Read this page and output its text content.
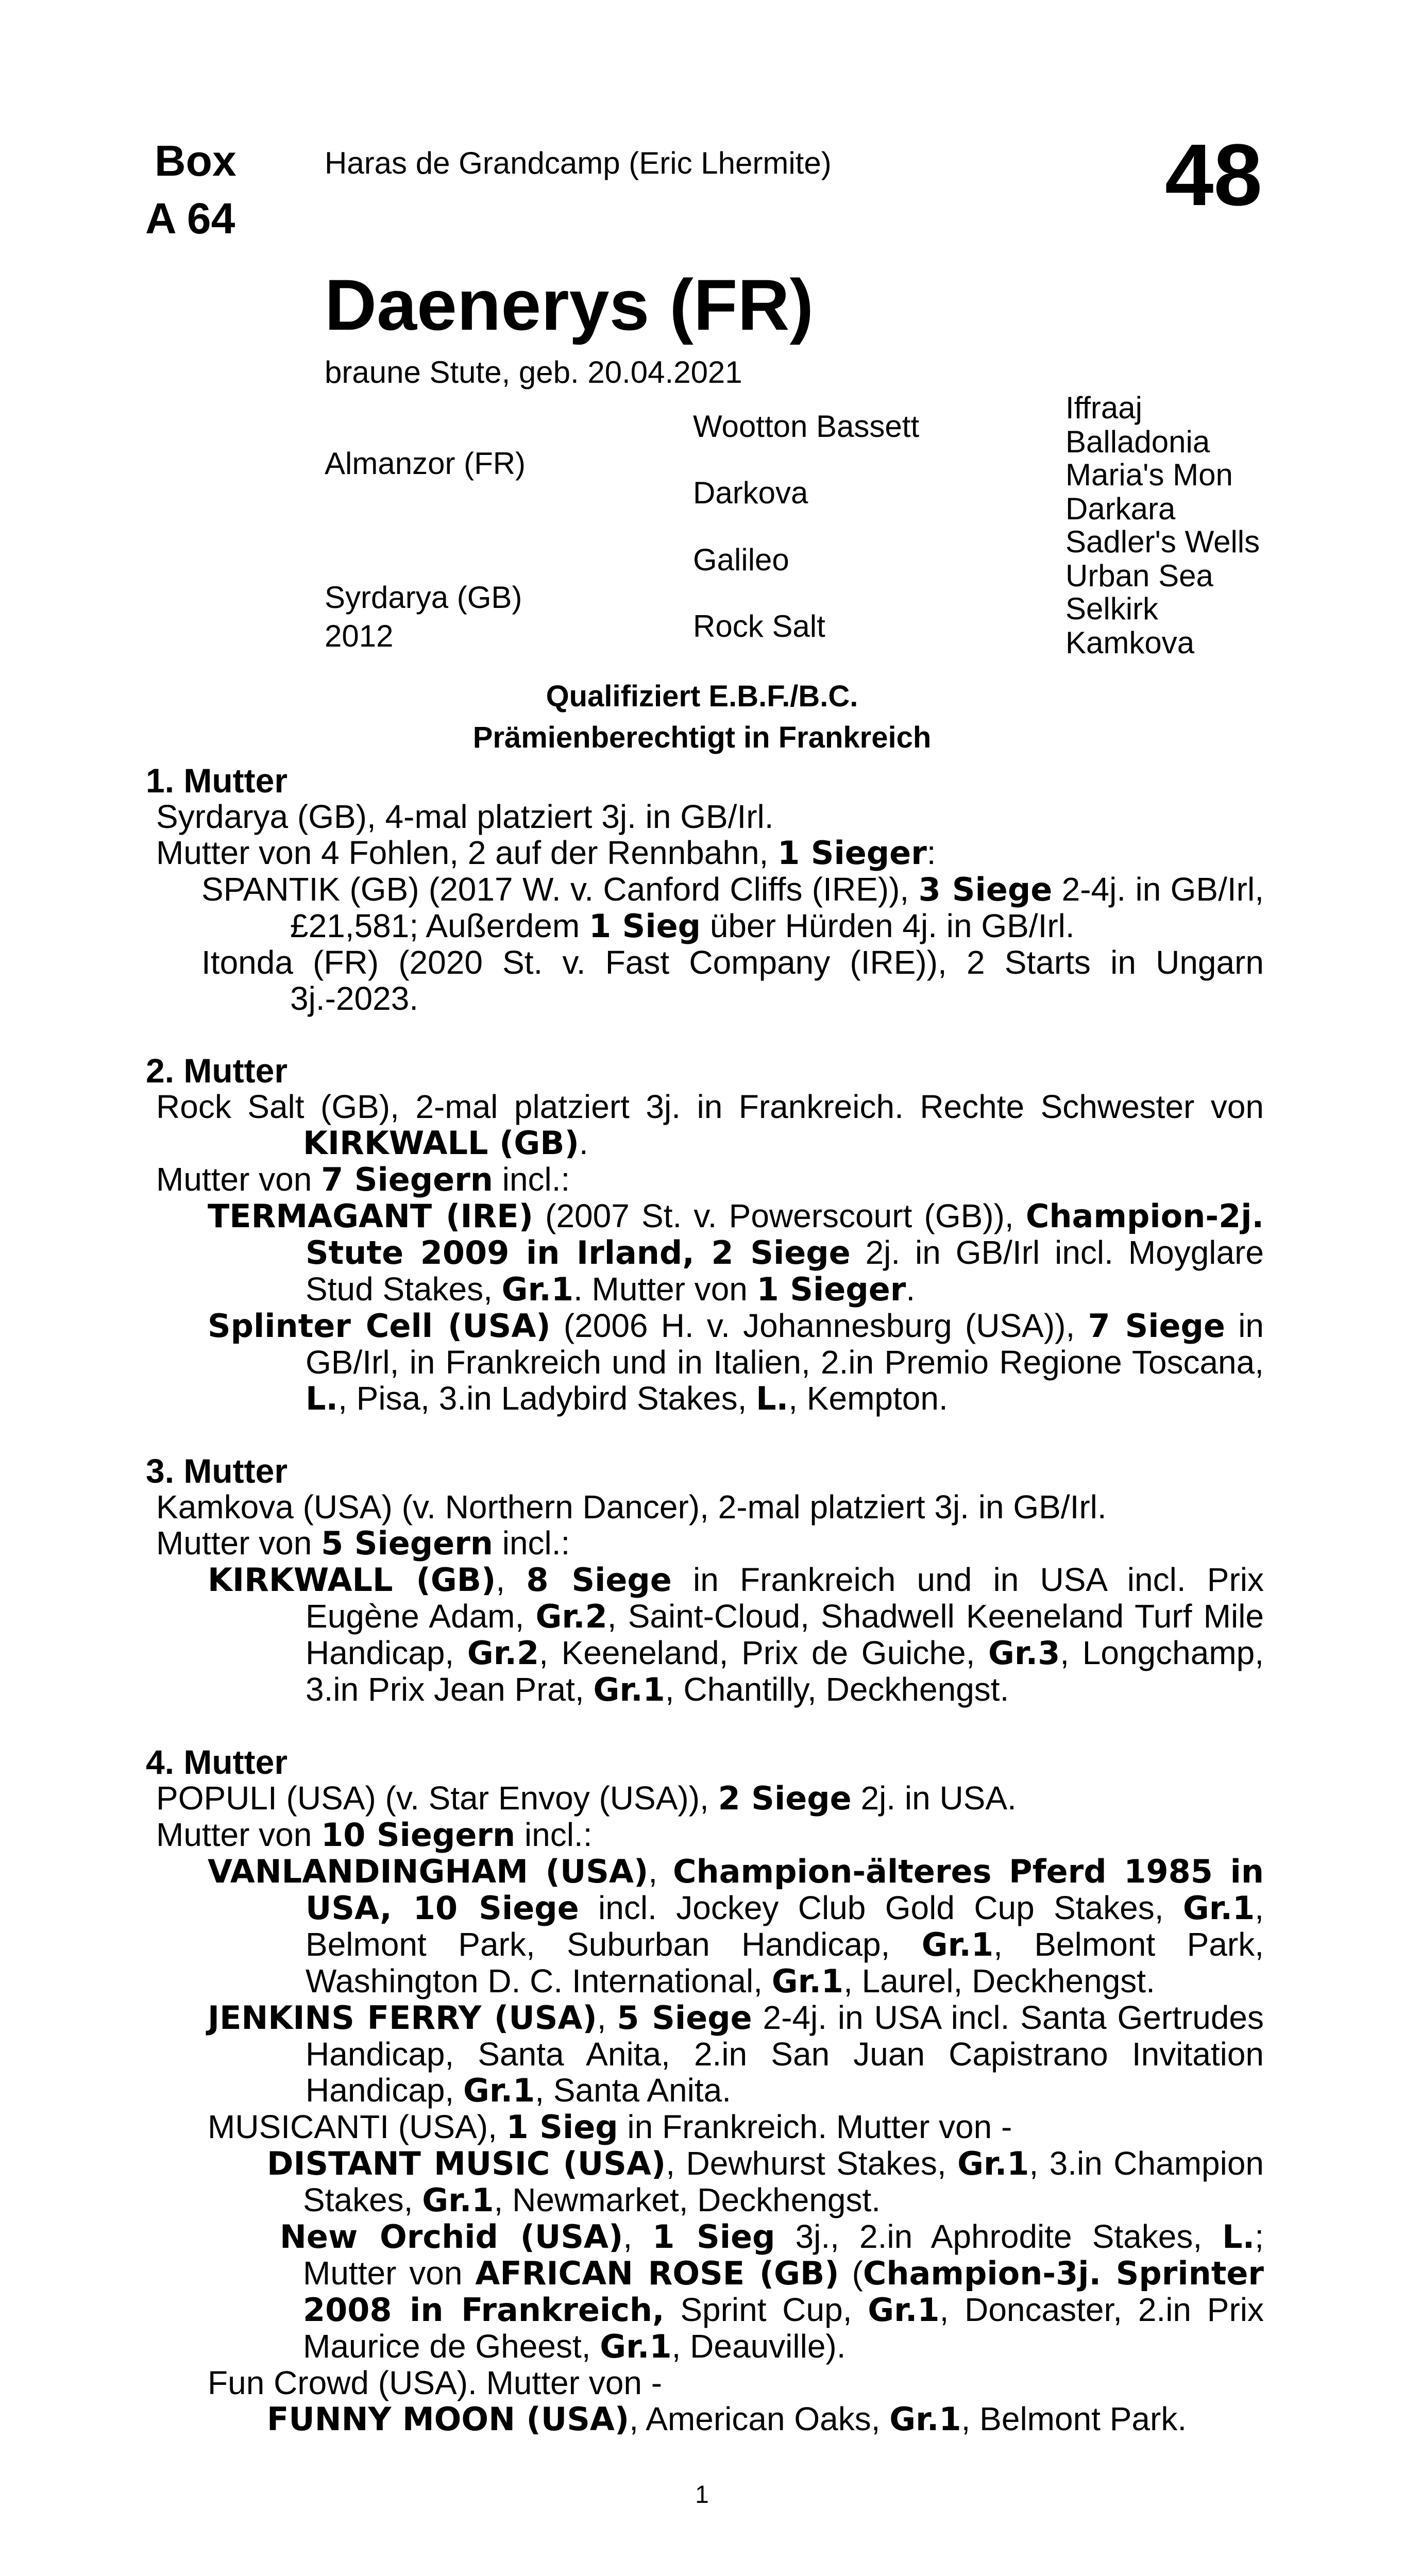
Box
A 64
Haras de Grandcamp (Eric Lhermite)	48
Daenerys (FR)
braune Stute, geb. 20.04.2021
Almanzor (FR)
Syrdarya (GB)
2012
Wootton Bassett
Darkova
Galileo
Rock Salt
Iffraaj
Balladonia
Maria's Mon
Darkara
Sadler's Wells
Urban Sea
Selkirk
Kamkova
Qualifiziert E.B.F./B.C.
Prämienberechtigt in Frankreich
1. Mutter
Syrdarya (GB), 4-mal platziert 3j. in GB/Irl.
Mutter von 4 Fohlen, 2 auf der Rennbahn, 1 Sieger:
SPANTIK (GB) (2017 W. v. Canford Cliffs (IRE)), 3 Siege 2-4j. in GB/Irl, £21,581; Außerdem 1 Sieg über Hürden 4j. in GB/Irl.
Itonda (FR) (2020 St. v. Fast Company (IRE)), 2 Starts in Ungarn 3j.-2023.
2. Mutter
Rock Salt (GB), 2-mal platziert 3j. in Frankreich. Rechte Schwester von KIRKWALL (GB).
Mutter von 7 Siegern incl.:
TERMAGANT (IRE) (2007 St. v. Powerscourt (GB)), Champion-2j. Stute 2009 in Irland, 2 Siege 2j. in GB/Irl incl. Moyglare Stud Stakes, Gr.1. Mutter von 1 Sieger.
Splinter Cell (USA) (2006 H. v. Johannesburg (USA)), 7 Siege in GB/Irl, in Frankreich und in Italien, 2.in Premio Regione Toscana, L., Pisa, 3.in Ladybird Stakes, L., Kempton.
3. Mutter
Kamkova (USA) (v. Northern Dancer), 2-mal platziert 3j. in GB/Irl.
Mutter von 5 Siegern incl.:
KIRKWALL (GB), 8 Siege in Frankreich und in USA incl. Prix Eugène Adam, Gr.2, Saint-Cloud, Shadwell Keeneland Turf Mile Handicap, Gr.2, Keeneland, Prix de Guiche, Gr.3, Longchamp, 3.in Prix Jean Prat, Gr.1, Chantilly, Deckhengst.
4. Mutter
POPULI (USA) (v. Star Envoy (USA)), 2 Siege 2j. in USA.
Mutter von 10 Siegern incl.:
VANLANDINGHAM (USA), Champion-älteres Pferd 1985 in USA, 10 Siege incl. Jockey Club Gold Cup Stakes, Gr.1, Belmont Park, Suburban Handicap, Gr.1, Belmont Park, Washington D. C. International, Gr.1, Laurel, Deckhengst.
JENKINS FERRY (USA), 5 Siege 2-4j. in USA incl. Santa Gertrudes Handicap, Santa Anita, 2.in San Juan Capistrano Invitation Handicap, Gr.1, Santa Anita.
MUSICANTI (USA), 1 Sieg in Frankreich. Mutter von -
DISTANT MUSIC (USA), Dewhurst Stakes, Gr.1, 3.in Champion Stakes, Gr.1, Newmarket, Deckhengst.
New Orchid (USA), 1 Sieg 3j., 2.in Aphrodite Stakes, L.; Mutter von AFRICAN ROSE (GB) (Champion-3j. Sprinter 2008 in Frankreich, Sprint Cup, Gr.1, Doncaster, 2.in Prix Maurice de Gheest, Gr.1, Deauville).
Fun Crowd (USA). Mutter von -
FUNNY MOON (USA), American Oaks, Gr.1, Belmont Park.
1
